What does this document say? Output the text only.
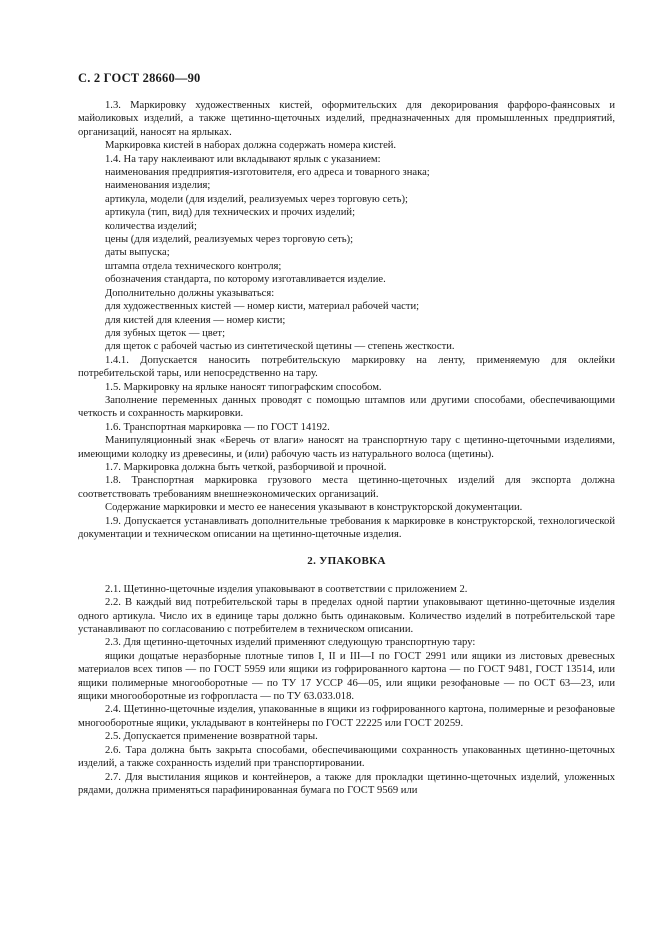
С. 2 ГОСТ 28660—90

1.3. Маркировку художественных кистей, оформительских для декорирования фарфоро-фаянсовых и майоликовых изделий, а также щетинно-щеточных изделий, предназначенных для промышленных предприятий, организаций, наносят на ярлыках.

Маркировка кистей в наборах должна содержать номера кистей.

1.4. На тару наклеивают или вкладывают ярлык с указанием:

наименования предприятия-изготовителя, его адреса и товарного знака;

наименования изделия;

артикула, модели (для изделий, реализуемых через торговую сеть);

артикула (тип, вид) для технических и прочих изделий;

количества изделий;

цены (для изделий, реализуемых через торговую сеть);

даты выпуска;

штампа отдела технического контроля;

обозначения стандарта, по которому изготавливается изделие.

Дополнительно должны указываться:

для художественных кистей — номер кисти, материал рабочей части;

для кистей для клеения — номер кисти;

для зубных щеток — цвет;

для щеток с рабочей частью из синтетической щетины — степень жесткости.

1.4.1. Допускается наносить потребительскую маркировку на ленту, применяемую для оклейки потребительской тары, или непосредственно на тару.

1.5. Маркировку на ярлыке наносят типографским способом.

Заполнение переменных данных проводят с помощью штампов или другими способами, обеспечивающими четкость и сохранность маркировки.

1.6. Транспортная маркировка — по ГОСТ 14192.

Манипуляционный знак «Беречь от влаги» наносят на транспортную тару с щетинно-щеточными изделиями, имеющими колодку из древесины, и (или) рабочую часть из натурального волоса (щетины).

1.7. Маркировка должна быть четкой, разборчивой и прочной.

1.8. Транспортная маркировка грузового места щетинно-щеточных изделий для экспорта должна соответствовать требованиям внешнеэкономических организаций.

Содержание маркировки и место ее нанесения указывают в конструкторской документации.

1.9. Допускается устанавливать дополнительные требования к маркировке в конструкторской, технологической документации и техническом описании на щетинно-щеточные изделия.

2. УПАКОВКА

2.1. Щетинно-щеточные изделия упаковывают в соответствии с приложением 2.

2.2. В каждый вид потребительской тары в пределах одной партии упаковывают щетинно-щеточные изделия одного артикула. Число их в единице тары должно быть одинаковым. Количество изделий в потребительской таре устанавливают по согласованию с потребителем в техническом описании.

2.3. Для щетинно-щеточных изделий применяют следующую транспортную тару:

ящики дощатые неразборные плотные типов I, II и III—I по ГОСТ 2991 или ящики из листовых древесных материалов всех типов — по ГОСТ 5959 или ящики из гофрированного картона — по ГОСТ 9481, ГОСТ 13514, или ящики полимерные многооборотные — по ТУ 17 УССР 46—05, или ящики резофановые — по ОСТ 63—23, или ящики многооборотные из гофропласта — по ТУ 63.033.018.

2.4. Щетинно-щеточные изделия, упакованные в ящики из гофрированного картона, полимерные и резофановые многооборотные ящики, укладывают в контейнеры по ГОСТ 22225 или ГОСТ 20259.

2.5. Допускается применение возвратной тары.

2.6. Тара должна быть закрыта способами, обеспечивающими сохранность упакованных щетинно-щеточных изделий, а также сохранность изделий при транспортировании.

2.7. Для выстилания ящиков и контейнеров, а также для прокладки щетинно-щеточных изделий, уложенных рядами, должна применяться парафинированная бумага по ГОСТ 9569 или
